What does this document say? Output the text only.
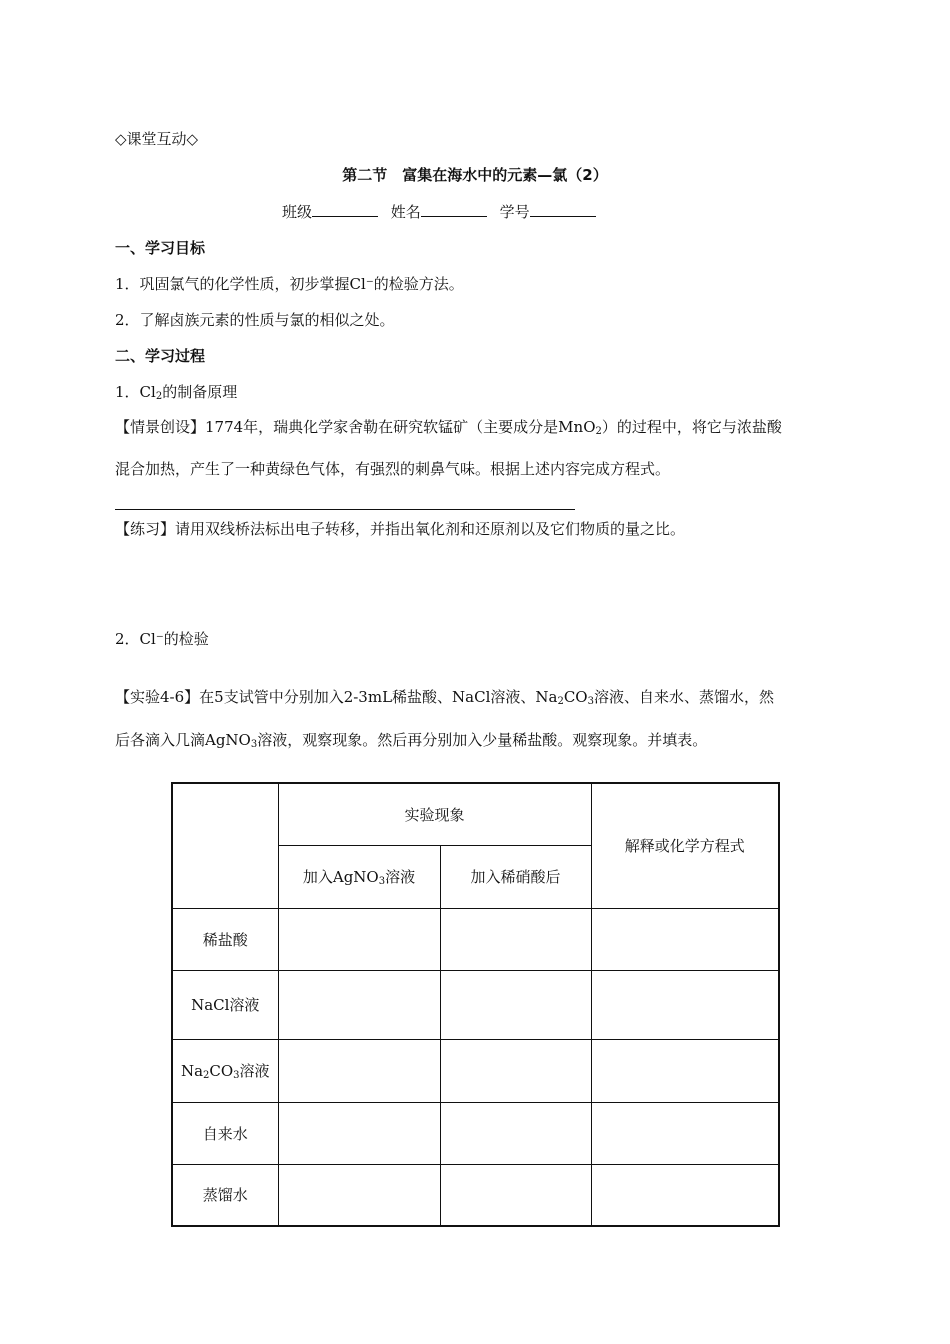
◇课堂互动◇
第二节　富集在海水中的元素—氯（2）
班级	姓名	学号
一、学习目标
1．巩固氯气的化学性质，初步掌握Cl⁻的检验方法。
2．了解卤族元素的性质与氯的相似之处。
二、学习过程
1．$Cl_2$的制备原理
【情景创设】1774年，瑞典化学家舍勒在研究软锰矿（主要成分是MnO$_2$）的过程中，将它与浓盐酸
混合加热，产生了一种黄绿色气体，有强烈的刺鼻气味。根据上述内容完成方程式。
【练习】请用双线桥法标出电子转移，并指出氧化剂和还原剂以及它们物质的量之比。
2．Cl⁻的检验
【实验4-6】在5支试管中分别加入2-3mL稀盐酸、NaCl溶液、$Na_2CO_3$溶液、自来水、蒸馏水，然
后各滴入几滴AgNO$_3$溶液，观察现象。然后再分别加入少量稀盐酸。观察现象。并填表。
	实验现象		解释或化学方程式
	加入AgNO$_3$溶液	加入稀硝酸后	
稀盐酸			
NaCl溶液			
$Na_2CO_3$溶液			
自来水			
蒸馏水			
